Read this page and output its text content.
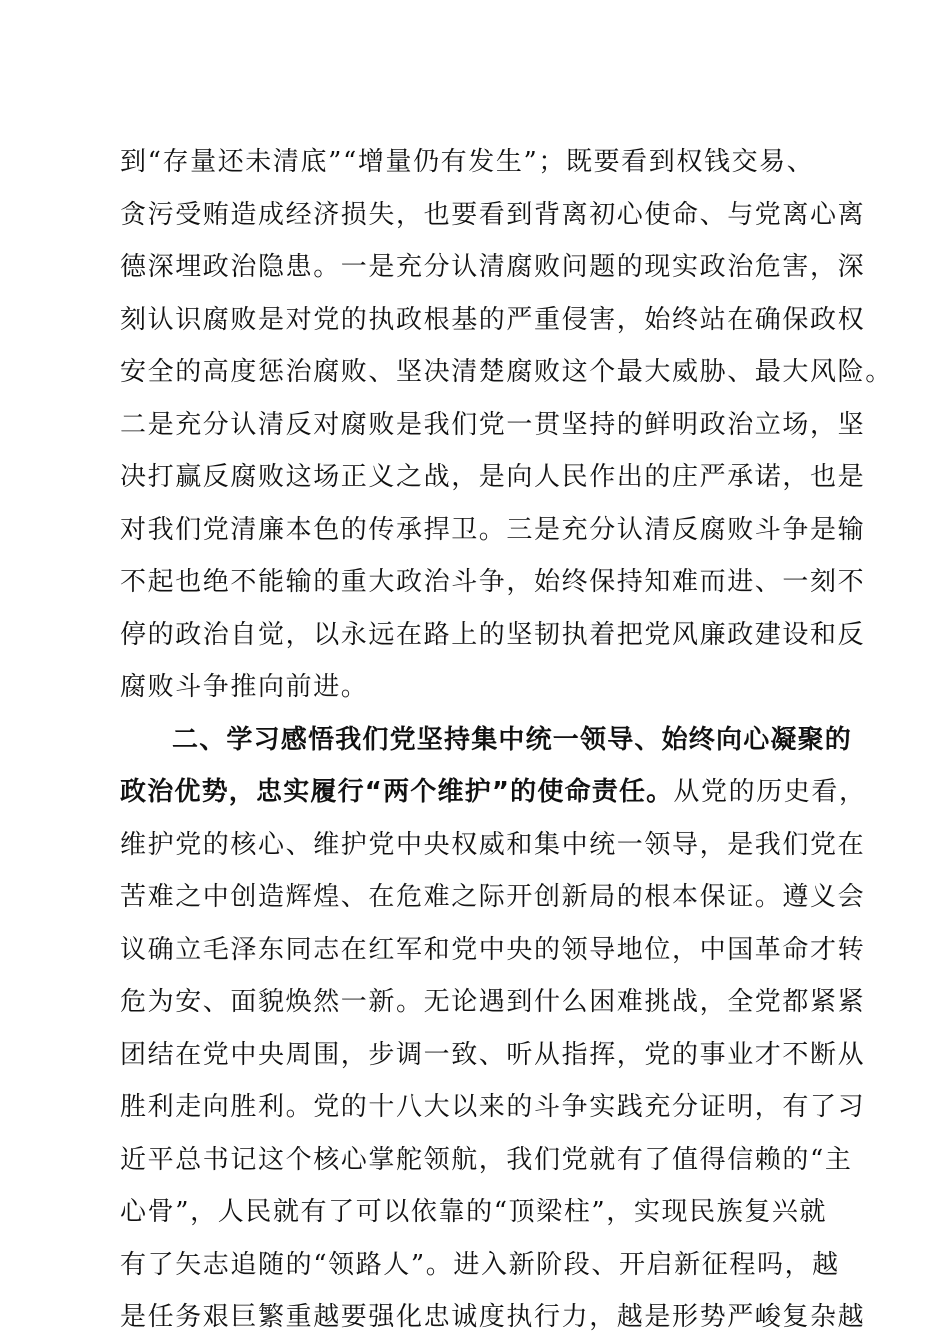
到“存量还未清底”“增量仍有发生”；既要看到权钱交易、
贪污受贿造成经济损失，也要看到背离初心使命、与党离心离
德深埋政治隐患。一是充分认清腐败问题的现实政治危害，深
刻认识腐败是对党的执政根基的严重侵害，始终站在确保政权
安全的高度惩治腐败、坚决清楚腐败这个最大威胁、最大风险。
二是充分认清反对腐败是我们党一贯坚持的鲜明政治立场，坚
决打赢反腐败这场正义之战，是向人民作出的庄严承诺，也是
对我们党清廉本色的传承捍卫。三是充分认清反腐败斗争是输
不起也绝不能输的重大政治斗争，始终保持知难而进、一刻不
停的政治自觉，以永远在路上的坚韧执着把党风廉政建设和反
腐败斗争推向前进。
二、学习感悟我们党坚持集中统一领导、始终向心凝聚的
政治优势，忠实履行“两个维护”的使命责任。从党的历史看，
维护党的核心、维护党中央权威和集中统一领导，是我们党在
苦难之中创造辉煌、在危难之际开创新局的根本保证。遵义会
议确立毛泽东同志在红军和党中央的领导地位，中国革命才转
危为安、面貌焕然一新。无论遇到什么困难挑战，全党都紧紧
团结在党中央周围，步调一致、听从指挥，党的事业才不断从
胜利走向胜利。党的十八大以来的斗争实践充分证明，有了习
近平总书记这个核心掌舵领航，我们党就有了值得信赖的“主
心骨”，人民就有了可以依靠的“顶梁柱”，实现民族复兴就
有了矢志追随的“领路人”。进入新阶段、开启新征程吗，越
是任务艰巨繁重越要强化忠诚度执行力，越是形势严峻复杂越
